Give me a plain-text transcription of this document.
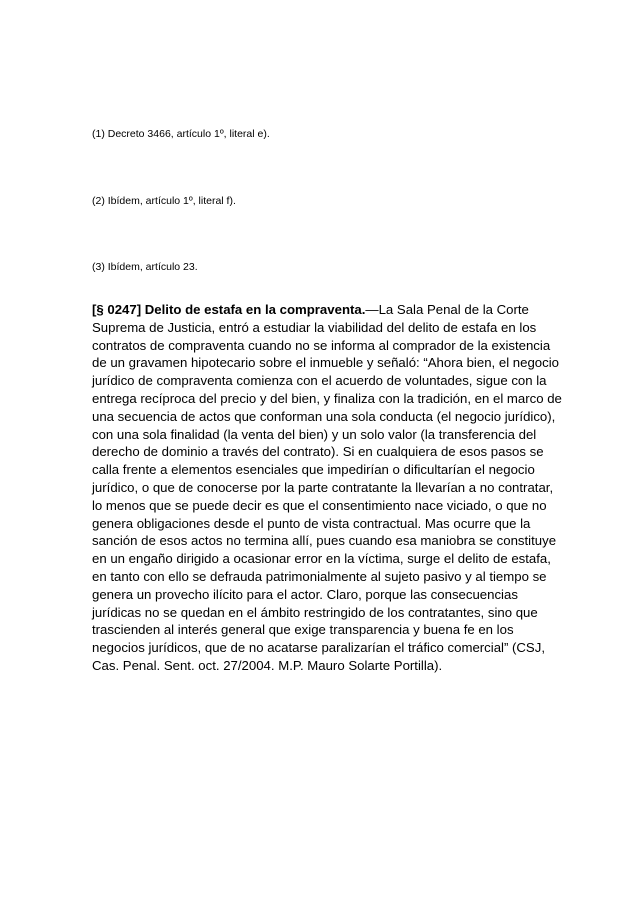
(1) Decreto 3466, artículo 1º, literal e).
(2) Ibídem, artículo 1º, literal f).
(3) Ibídem, artículo 23.
[§ 0247] Delito de estafa en la compraventa.—La Sala Penal de la Corte Suprema de Justicia, entró a estudiar la viabilidad del delito de estafa en los contratos de compraventa cuando no se informa al comprador de la existencia de un gravamen hipotecario sobre el inmueble y señaló: “Ahora bien, el negocio jurídico de compraventa comienza con el acuerdo de voluntades, sigue con la entrega recíproca del precio y del bien, y finaliza con la tradición, en el marco de una secuencia de actos que conforman una sola conducta (el negocio jurídico), con una sola finalidad (la venta del bien) y un solo valor (la transferencia del derecho de dominio a través del contrato). Si en cualquiera de esos pasos se calla frente a elementos esenciales que impedirían o dificultarían el negocio jurídico, o que de conocerse por la parte contratante la llevarían a no contratar, lo menos que se puede decir es que el consentimiento nace viciado, o que no genera obligaciones desde el punto de vista contractual. Mas ocurre que la sanción de esos actos no termina allí, pues cuando esa maniobra se constituye en un engaño dirigido a ocasionar error en la víctima, surge el delito de estafa, en tanto con ello se defrauda patrimonialmente al sujeto pasivo y al tiempo se genera un provecho ilícito para el actor. Claro, porque las consecuencias jurídicas no se quedan en el ámbito restringido de los contratantes, sino que trascienden al interés general que exige transparencia y buena fe en los negocios jurídicos, que de no acatarse paralizarían el tráfico comercial” (CSJ, Cas. Penal. Sent. oct. 27/2004. M.P. Mauro Solarte Portilla).
